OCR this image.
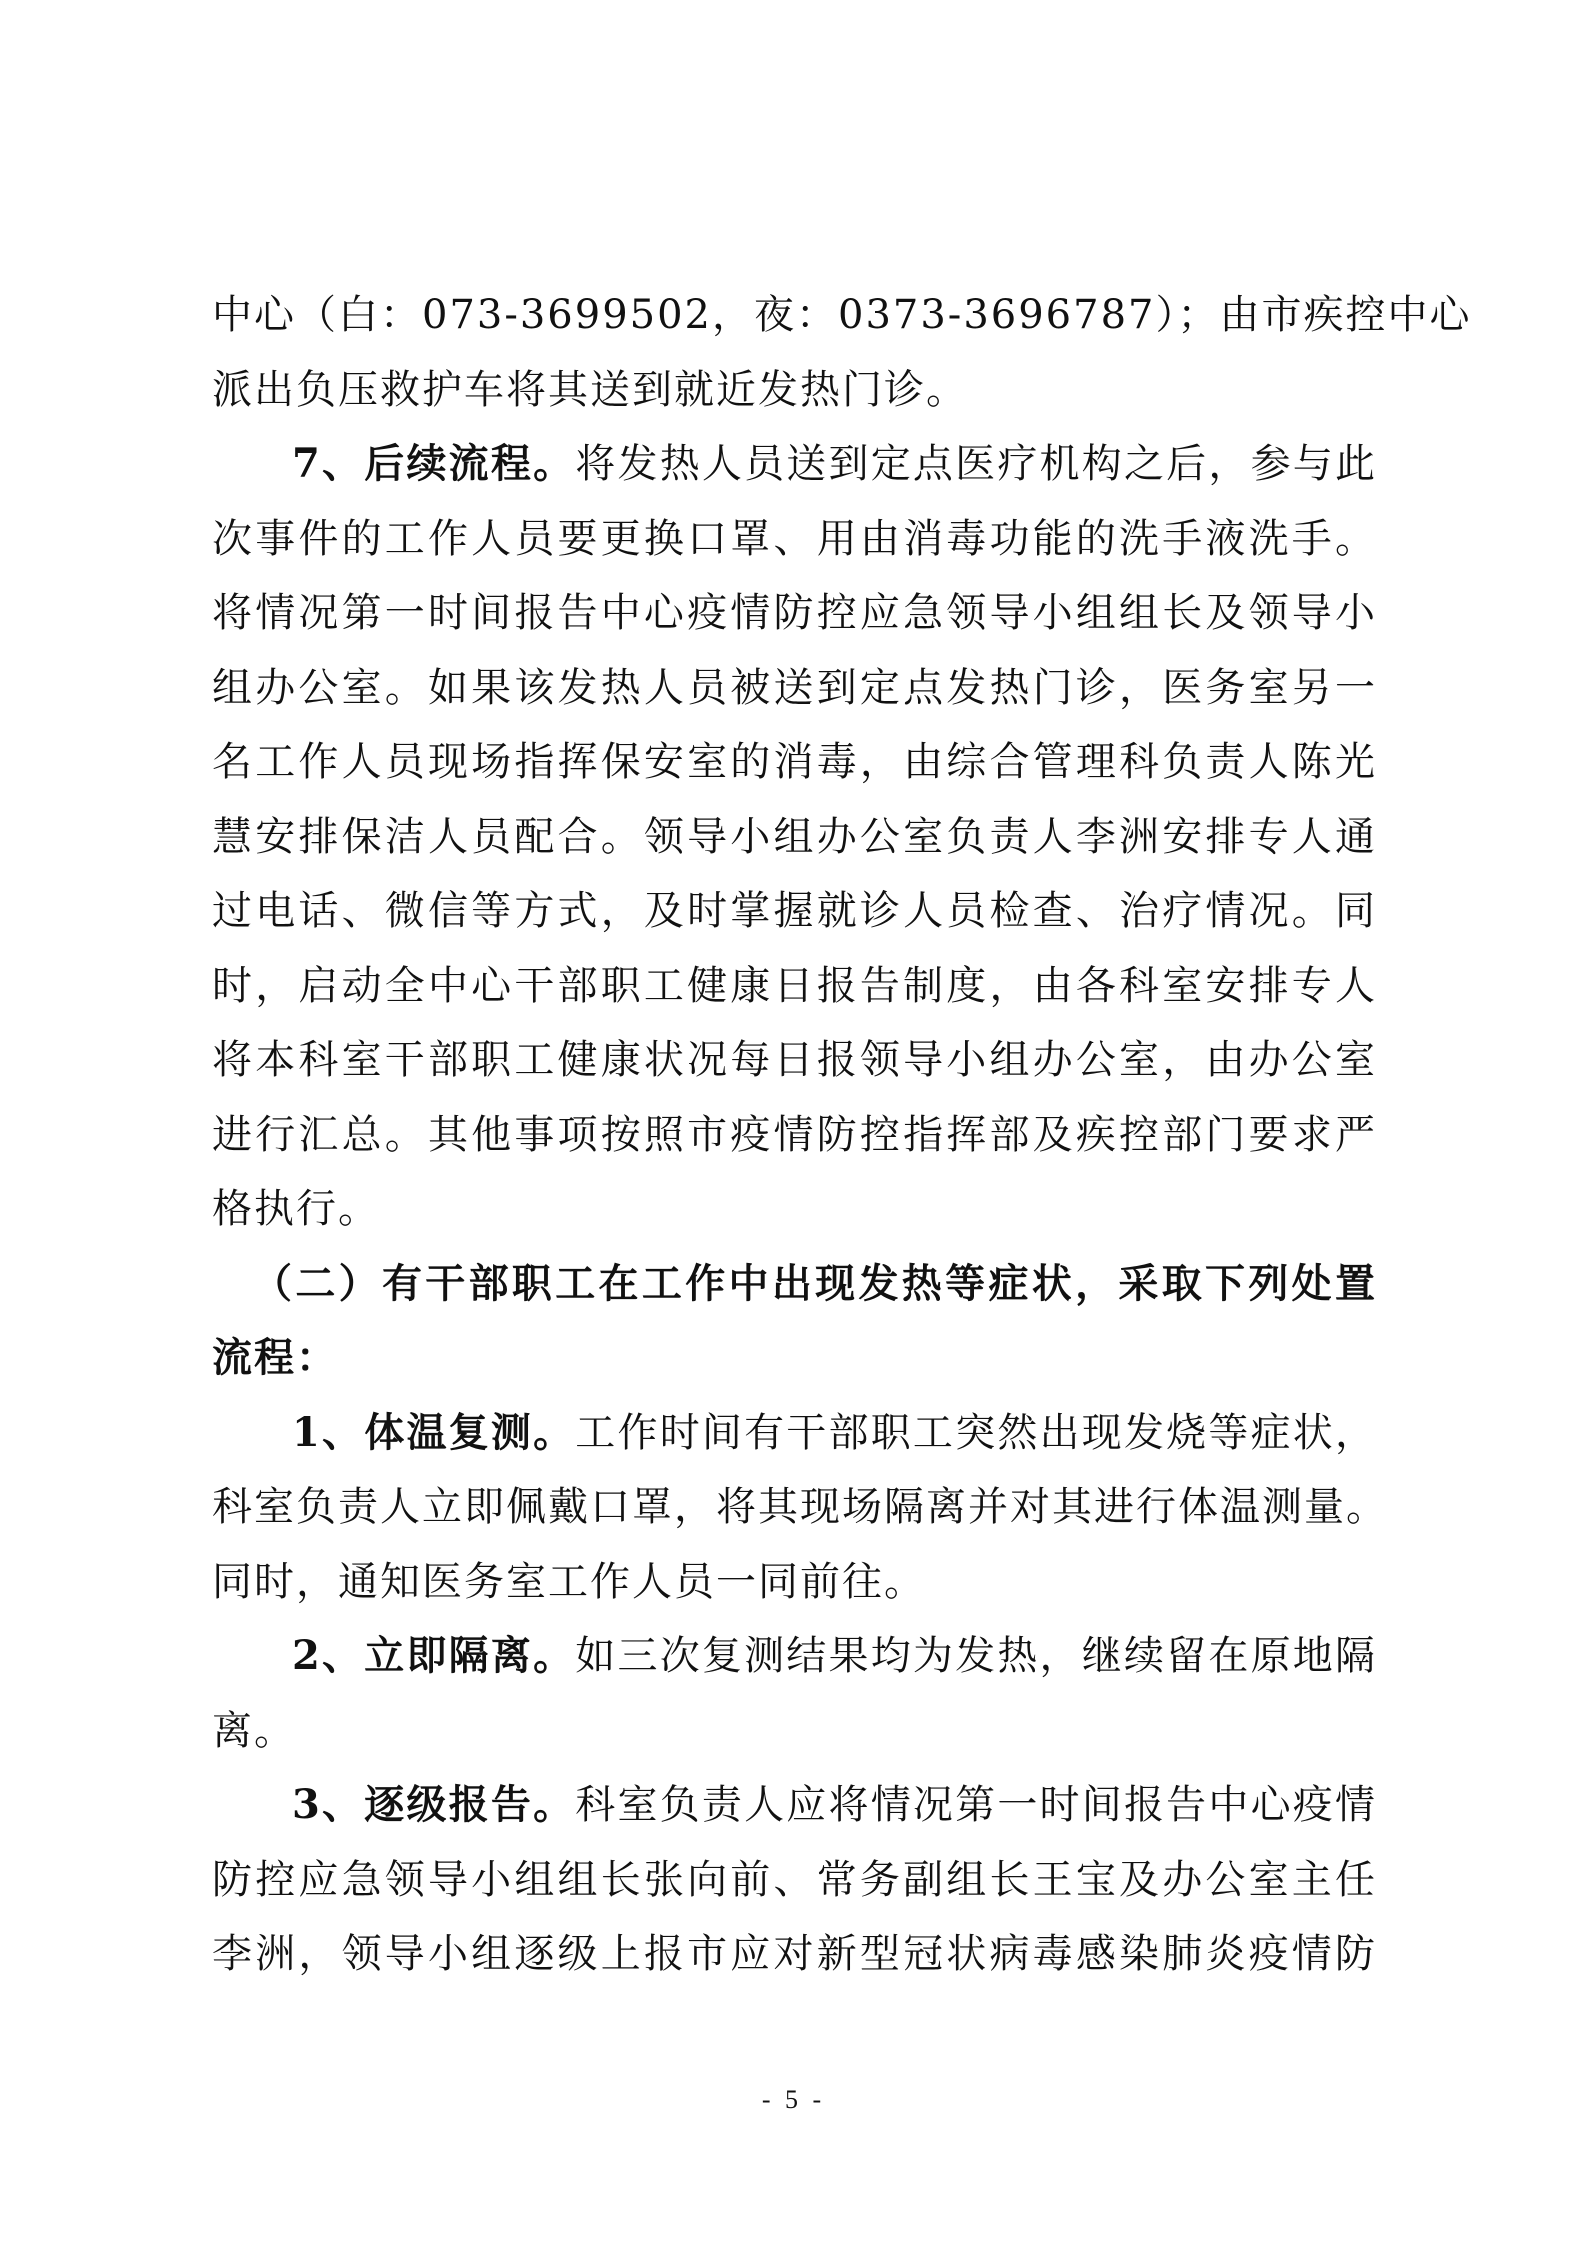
中心（白：073-3699502，夜：0373-3696787）；由市疾控中心
派出负压救护车将其送到就近发热门诊。
7、后续流程。将发热人员送到定点医疗机构之后，参与此
次事件的工作人员要更换口罩、用由消毒功能的洗手液洗手。
将情况第一时间报告中心疫情防控应急领导小组组长及领导小
组办公室。如果该发热人员被送到定点发热门诊，医务室另一
名工作人员现场指挥保安室的消毒，由综合管理科负责人陈光
慧安排保洁人员配合。领导小组办公室负责人李洲安排专人通
过电话、微信等方式，及时掌握就诊人员检查、治疗情况。同
时，启动全中心干部职工健康日报告制度，由各科室安排专人
将本科室干部职工健康状况每日报领导小组办公室，由办公室
进行汇总。其他事项按照市疫情防控指挥部及疾控部门要求严
格执行。
（二）有干部职工在工作中出现发热等症状，采取下列处置
流程：
1、体温复测。工作时间有干部职工突然出现发烧等症状，
科室负责人立即佩戴口罩，将其现场隔离并对其进行体温测量。
同时，通知医务室工作人员一同前往。
2、立即隔离。如三次复测结果均为发热，继续留在原地隔
离。
3、逐级报告。科室负责人应将情况第一时间报告中心疫情
防控应急领导小组组长张向前、常务副组长王宝及办公室主任
李洲，领导小组逐级上报市应对新型冠状病毒感染肺炎疫情防
- 5 -
